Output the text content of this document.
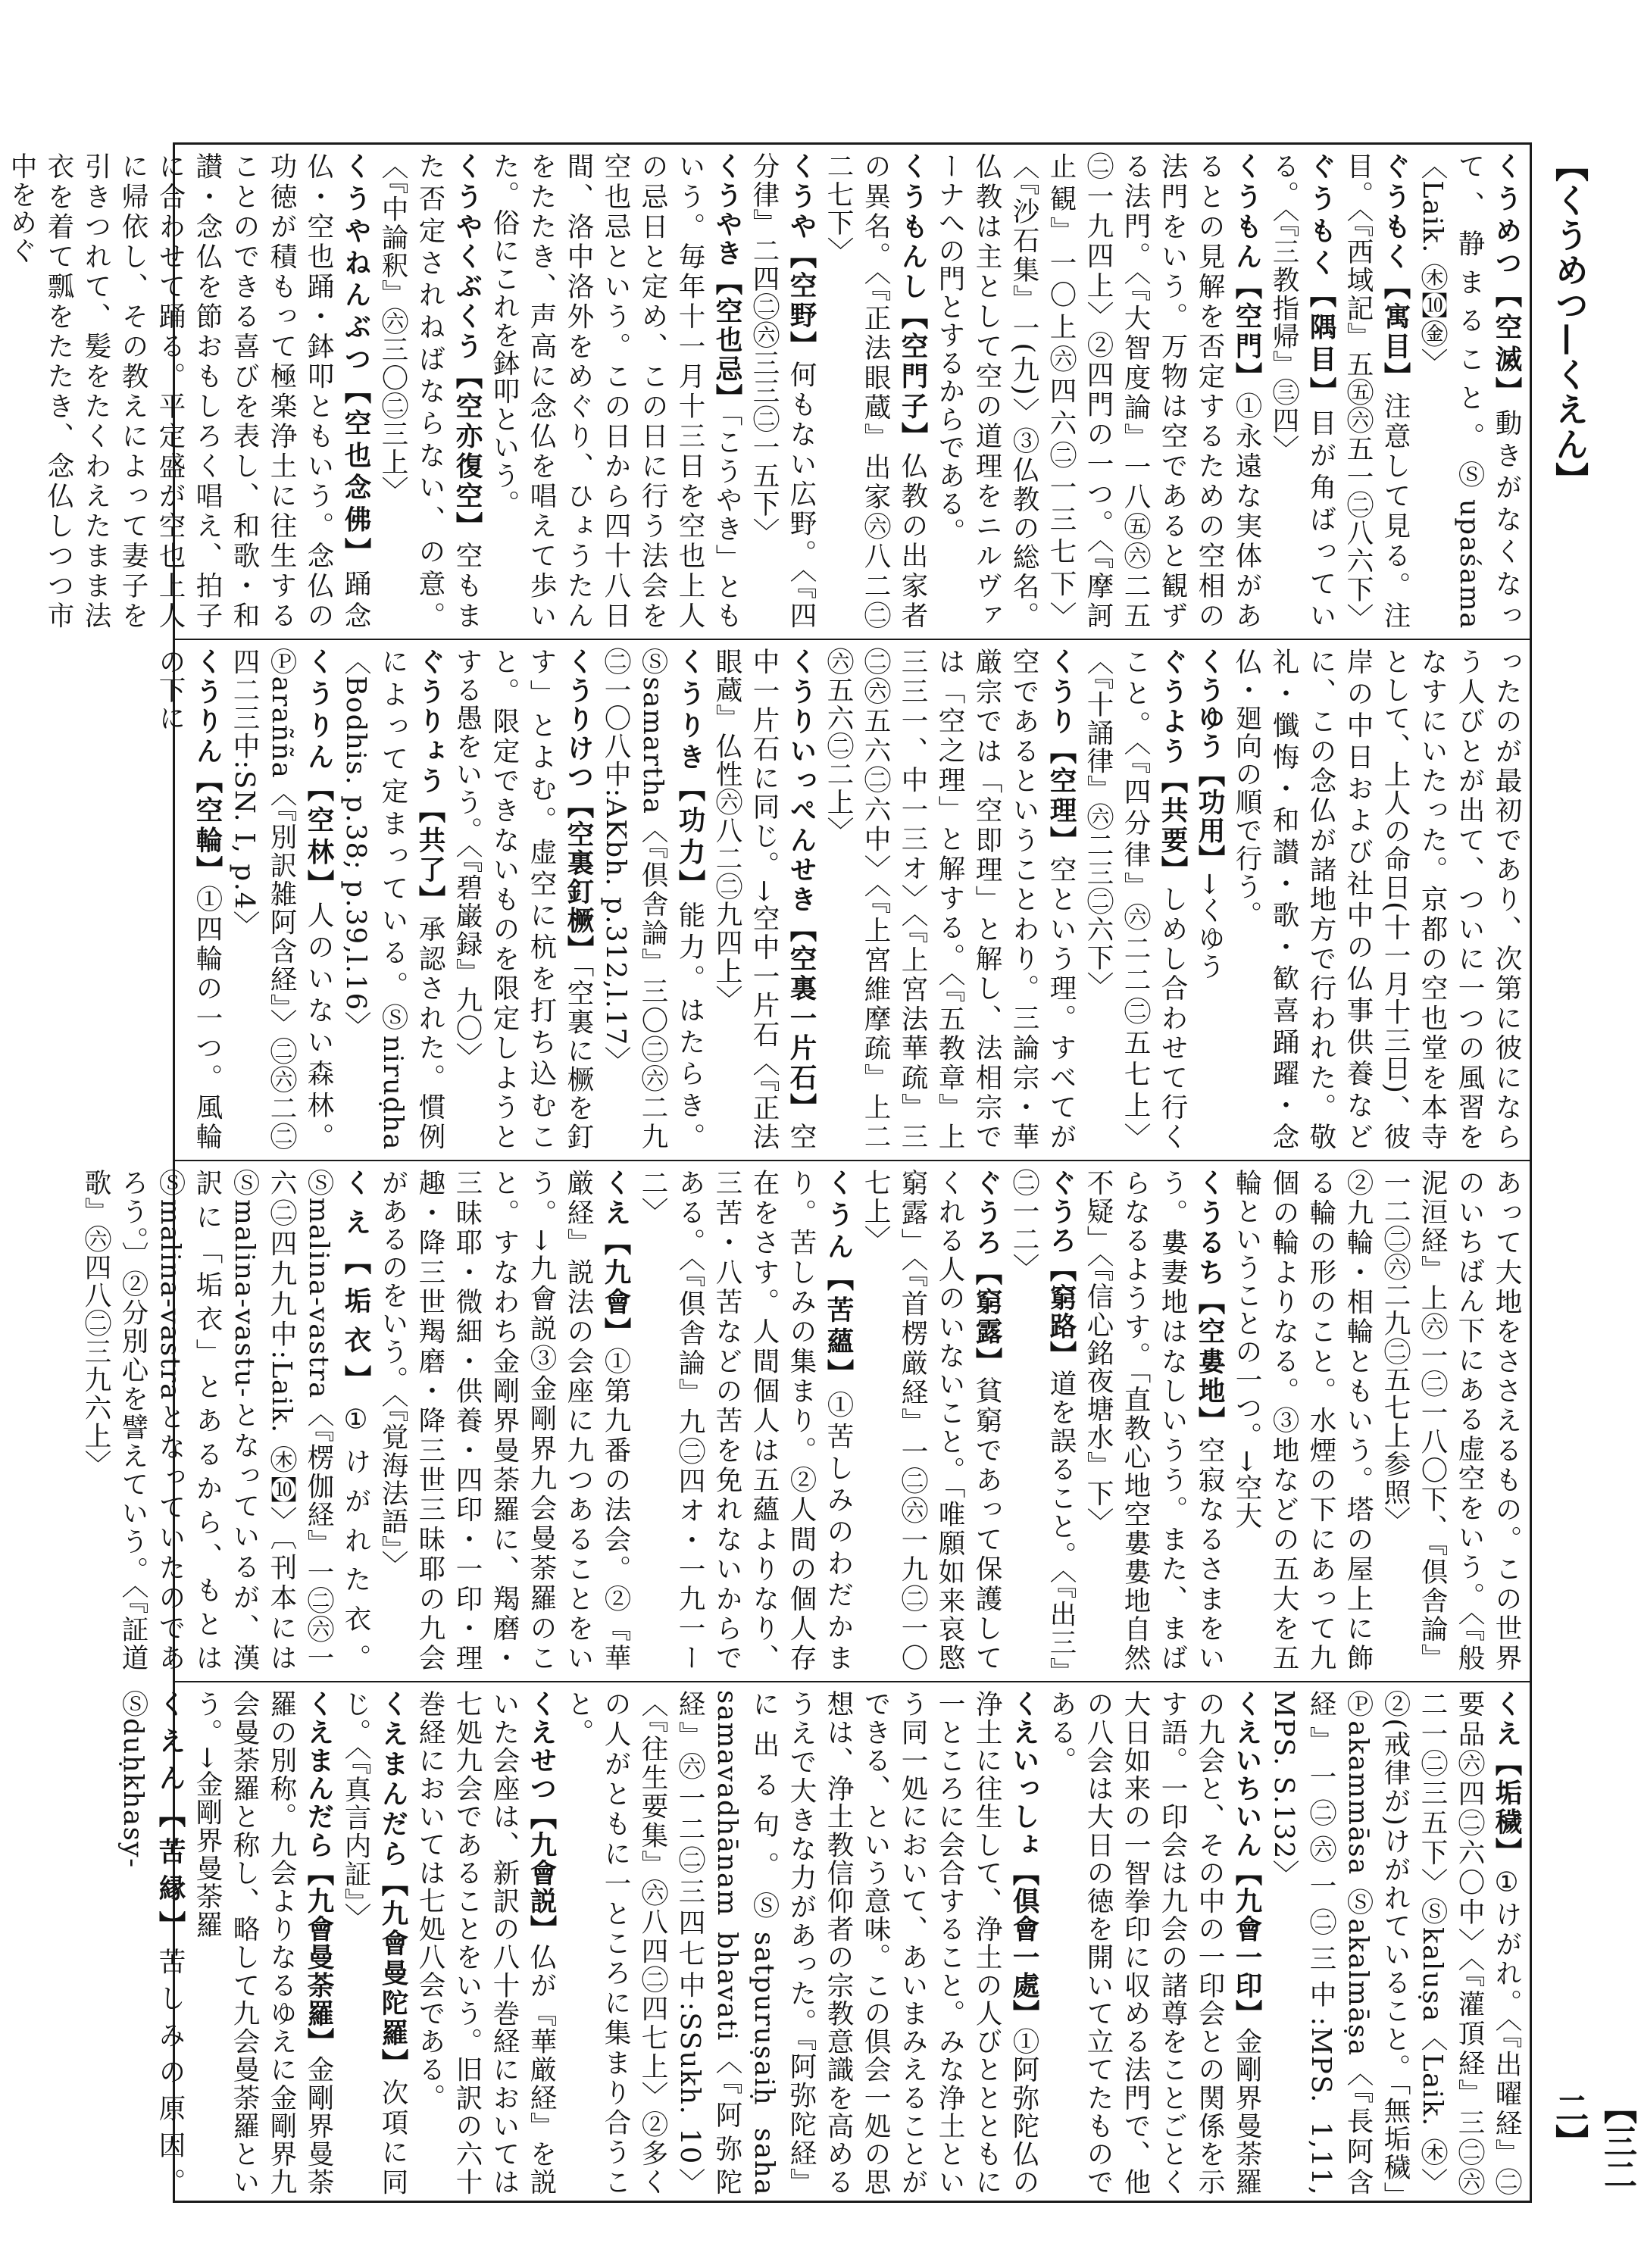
【くうめつ—くえん】

くうめつ【空滅】動きがなくなって、静まること。Ⓢupaśama〈Laik. ㊍㉈㊎〉

ぐうもく【寓目】注意して見る。注目。〈『西域記』五㊄㊅五一㊁八六下〉

ぐうもく【隅目】目が角ばっている。〈『三教指帰』㊂四〉

くうもん【空門】①永遠な実体があるとの見解を否定するための空相の法門をいう。万物は空であると観ずる法門。〈『大智度論』一八㊄㊅二五㊁一九四上〉②四門の一つ。〈『摩訶止観』一〇上㊅四六㊁一三七下〉〈『沙石集』一(九)〉③仏教の総名。仏教は主として空の道理をニルヴァーナへの門とするからである。

くうもんし【空門子】仏教の出家者の異名。〈『正法眼蔵』出家㊅八二㊁二七下〉

くうや【空野】何もない広野。〈『四分律』二四㊁㊅三三㊁一五下〉

くうやき【空也忌】「こうやき」ともいう。毎年十一月十三日を空也上人の忌日と定め、この日に行う法会を空也忌という。この日から四十八日間、洛中洛外をめぐり、ひょうたんをたたき、声高に念仏を唱えて歩いた。俗にこれを鉢叩という。

くうやくぶくう【空亦復空】空もまた否定されねばならない、の意。〈『中論釈』㊅三〇㊁三上〉

くうやねんぶつ【空也念佛】踊念仏・空也踊・鉢叩ともいう。念仏の功徳が積もって極楽浄土に往生することのできる喜びを表し、和歌・和讃・念仏を節おもしろく唱え、拍子に合わせて踊る。平定盛が空也上人に帰依し、その教えによって妻子を引きつれて、髪をたくわえたまま法衣を着て瓢をたたき、念仏しつつ市中をめぐ

ったのが最初であり、次第に彼にならう人びとが出て、ついに一つの風習をなすにいたった。京都の空也堂を本寺として、上人の命日(十一月十三日)、彼岸の中日および社中の仏事供養などに、この念仏が諸地方で行われた。敬礼・懺悔・和讃・歌・歓喜踊躍・念仏・廻向の順で行う。

くうゆう【功用】→くゆう

ぐうよう【共要】しめし合わせて行くこと。〈『四分律』㊅二二㊁五七上〉〈『十誦律』㊅二三㊁六下〉

くうり【空理】空という理。すべてが空であるということわり。三論宗・華厳宗では「空即理」と解し、法相宗では「空之理」と解する。〈『五教章』上三三一、中一三オ〉〈『上宮法華疏』三㊁㊅五六㊁六中〉〈『上宮維摩疏』上二㊅五六㊁二上〉

くうりいっぺんせき【空裏一片石】空中一片石に同じ。→空中一片石〈『正法眼蔵』仏性㊅八二㊁九四上〉

くうりき【功力】能力。はたらき。Ⓢsamartha〈『倶舎論』三〇㊁㊅二九㊁一〇八中:AKbh. p.312,l.17〉

くうりけつ【空裏釘橛】「空裏に橛を釘す」とよむ。虚空に杭を打ち込むこと。限定できないものを限定しようとする愚をいう。〈『碧巌録』九〇〉

ぐうりょう【共了】承認された。慣例によって定まっている。Ⓢniruḍha〈Bodhis. p.38; p.39,l.16〉

くうりん【空林】人のいない森林。Ⓟaraññа〈『別訳雑阿含経』〉㊁㊅二㊁四二三中:SN. I, p.4〉

くうりん【空輪】①四輪の一つ。風輪の下に

あって大地をささえるもの。この世界のいちばん下にある虚空をいう。〈『般泥洹経』上㊅一㊁一八〇下、『倶舎論』一二㊁㊅二九㊁五七上参照〉

②九輪・相輪ともいう。塔の屋上に飾る輪の形のこと。水煙の下にあって九個の輪よりなる。③地などの五大を五輪ということの一つ。→空大

くうるち【空婁地】空寂なるさまをいう。婁妻地はなしいうう。また、まばらなるようす。「直教心地空婁婁地自然不疑」〈『信心銘夜塘水』下〉

ぐうろ【窮路】道を誤ること。〈『出三』㊁一二〉

ぐうろ【窮露】貧窮であって保護してくれる人のいないこと。「唯願如来哀愍窮露」〈『首楞厳経』一㊁㊅一九㊁一〇七上〉

くうん【苦蘊】①苦しみのわだかまり。苦しみの集まり。②人間の個人存在をさす。人間個人は五蘊よりなり、三苦・八苦などの苦を免れないからである。〈『倶舎論』九㊁四オ・一九一ー二〉

くえ【九會】①第九番の法会。②『華厳経』説法の会座に九つあることをいう。→九會説③金剛界九会曼荼羅のこと。すなわち金剛界曼荼羅に、羯磨・三昧耶・微細・供養・四印・一印・理趣・降三世羯磨・降三世三昧耶の九会があるのをいう。〈『覚海法語』〉

くえ【垢衣】①けがれた衣。Ⓢmalina-vastra〈『楞伽経』一㊁㊅一六㊁四九九中:Laik. ㊍㉈〉〔刊本にはⓈmalina-vastu-となっているが、漢訳に「垢衣」とあるから、もとはⓈmalina-vastraとなっていたのであろう。〕②分別心を譬えていう。〈『証道歌』㊅四八㊁三九六上〉

くえ【垢穢】①けがれ。〈『出曜経』㊁要品㊅四㊁六〇中〉〈『灌頂経』三㊁㊅二一㊁三五下〉Ⓢkaluṣa〈Laik. ㊍〉②(戒律が)けがれていること。「無垢穢」Ⓟakammāsa Ⓢakalmāṣa〈『長阿含経』一㊁㊅一㊁三中:MPS. 1,11, MPS. S.132〉

くえいちいん【九會一印】金剛界曼荼羅の九会と、その中の一印会との関係を示す語。一印会は九会の諸尊をことごとく大日如来の一智拳印に収める法門で、他の八会は大日の徳を開いて立てたものである。

くえいっしょ【倶會一處】①阿弥陀仏の浄土に往生して、浄土の人びととともに一ところに会合すること。みな浄土という同一処において、あいまみえることができる、という意味。この倶会一処の思想は、浄土教信仰者の宗教意識を高めるうえで大きな力があった。『阿弥陀経』に出る句。Ⓢsatpuruṣaiḥ saha samavadhānam bhavati〈『阿弥陀経』㊅一二㊁三四七中:SSukh. 10〉〈『往生要集』㊅八四㊁四七上〉②多くの人がともに一ところに集まり合うこと。

くえせつ【九會説】仏が『華厳経』を説いた会座は、新訳の八十巻経においては七処九会であることをいう。旧訳の六十巻経においては七処八会である。

くえまんだら【九會曼陀羅】次項に同じ。〈『真言内証』〉

くえまんだら【九會曼荼羅】金剛界曼荼羅の別称。九会よりなるゆえに金剛界九会曼荼羅と称し、略して九会曼荼羅という。→金剛界曼荼羅

くえん【苦縁】苦しみの原因。Ⓢduḥkhasy-

【三二二】
